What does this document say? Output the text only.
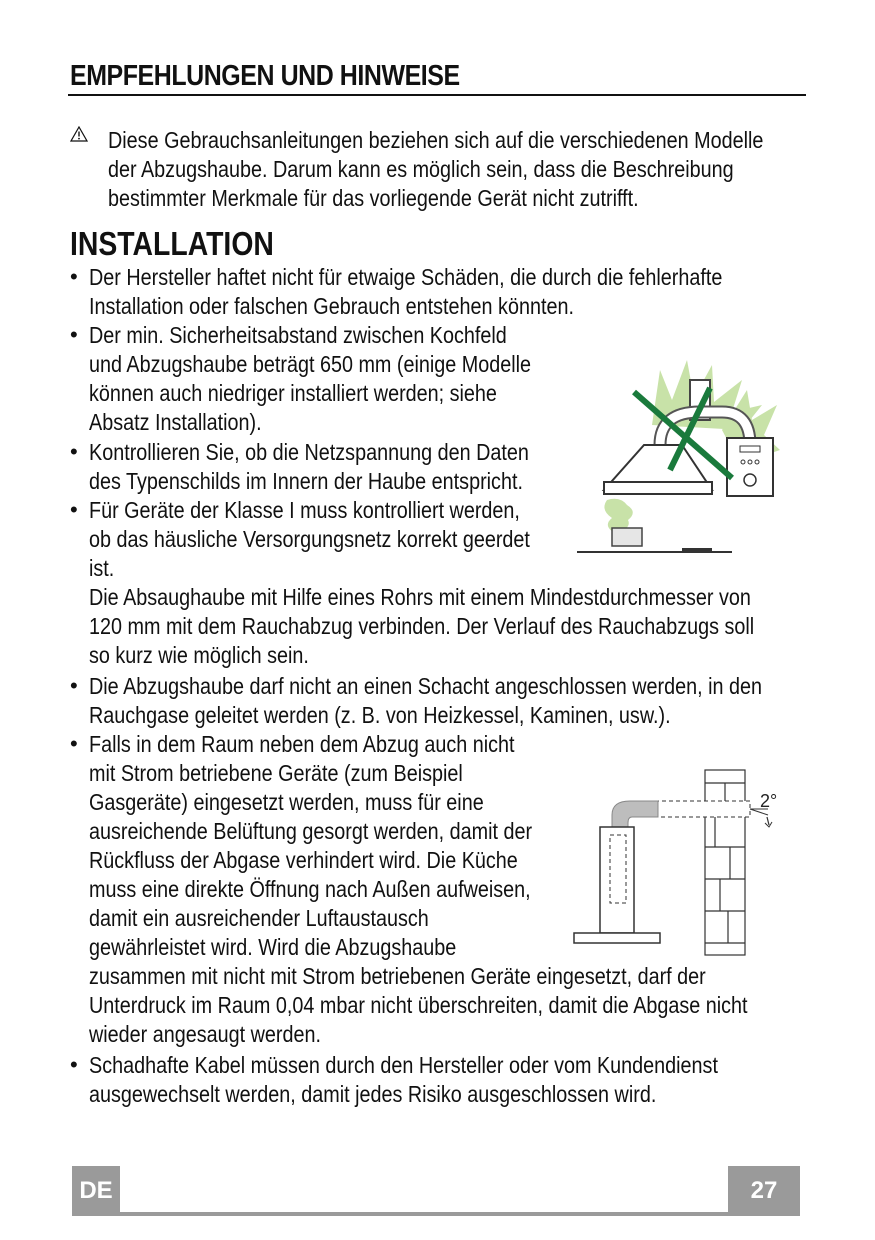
EMPFEHLUNGEN UND HINWEISE

Diese Gebrauchsanleitungen beziehen sich auf die verschiedenen Modelle

der Abzugshaube. Darum kann es möglich sein, dass die Beschreibung

bestimmter Merkmale für das vorliegende Gerät nicht zutrifft.

INSTALLATION
• Der Hersteller haftet nicht für etwaige Schäden, die durch die fehlerhafte

Installation oder falschen Gebrauch entstehen könnten.

• Der min. Sicherheitsabstand zwischen Kochfeld

und Abzugshaube beträgt 650 mm (einige Modelle

können auch niedriger installiert werden; siehe

Absatz Installation).

• Kontrollieren Sie, ob die Netzspannung den Daten

des Typenschilds im Innern der Haube entspricht.

• Für Geräte der Klasse I muss kontrolliert werden,

ob das häusliche Versorgungsnetz korrekt geerdet

ist.

Die Absaughaube mit Hilfe eines Rohrs mit einem Mindestdurchmesser von

120 mm mit dem Rauchabzug verbinden. Der Verlauf des Rauchabzugs soll

so kurz wie möglich sein.

• Die Abzugshaube darf nicht an einen Schacht angeschlossen werden, in den

Rauchgase geleitet werden (z. B. von Heizkessel, Kaminen, usw.).

• Falls in dem Raum neben dem Abzug auch nicht

mit Strom betriebene Geräte (zum Beispiel

Gasgeräte) eingesetzt werden, muss für eine

ausreichende Belüftung gesorgt werden, damit der

Rückfluss der Abgase verhindert wird. Die Küche

muss eine direkte Öffnung nach Außen aufweisen,

damit ein ausreichender Luftaustausch

gewährleistet wird. Wird die Abzugshaube

zusammen mit nicht mit Strom betriebenen Geräte eingesetzt, darf der

Unterdruck im Raum 0,04 mbar nicht überschreiten, damit die Abgase nicht

wieder angesaugt werden.

• Schadhafte Kabel müssen durch den Hersteller oder vom Kundendienst

ausgewechselt werden, damit jedes Risiko ausgeschlossen wird.

2°
DE	27
